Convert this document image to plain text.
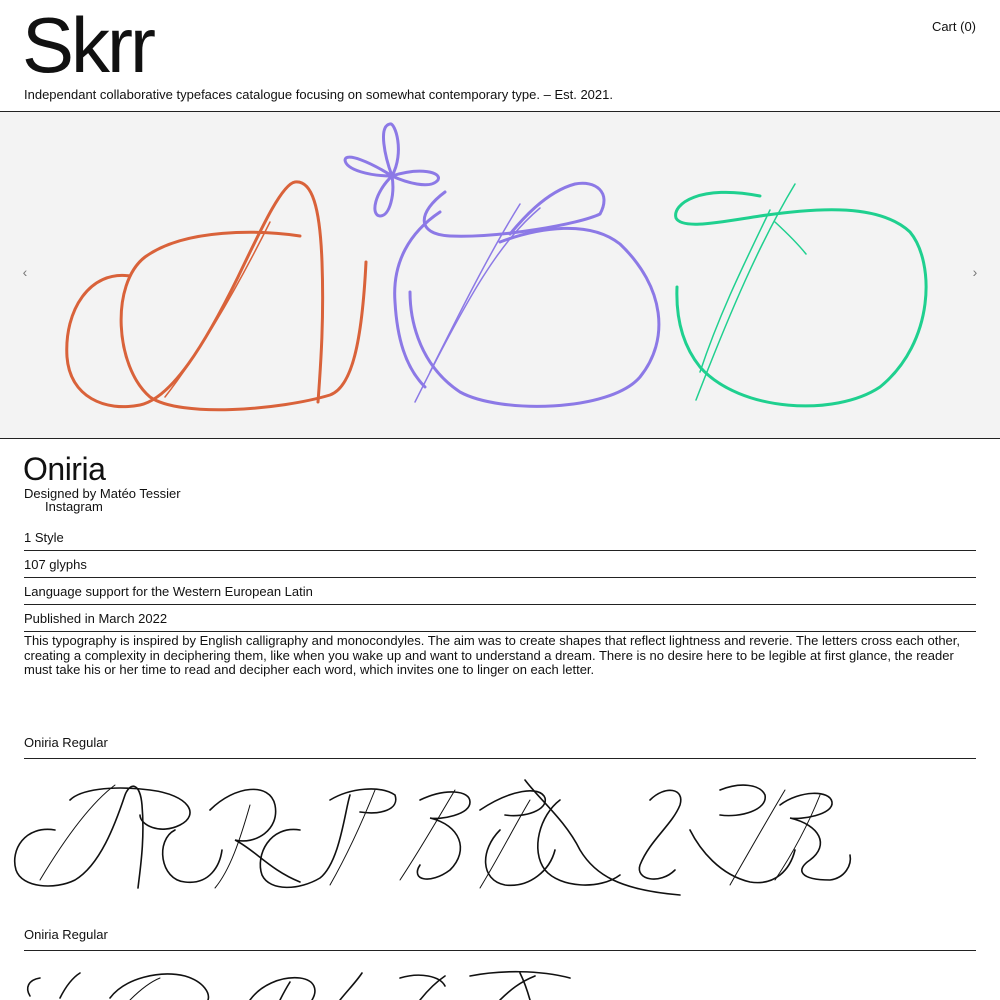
Skrr
Independant collaborative typefaces catalogue focusing on somewhat contemporary type. – Est. 2021.
Cart (0)
‹	›
Oniria
Designed by Matéo Tessier
Instagram
1 Style
107 glyphs
Language support for the Western European Latin
Published in March 2022
This typography is inspired by English calligraphy and monocondyles. The aim was to create shapes that reflect lightness and reverie. The letters cross each other, creating a complexity in deciphering them, like when you wake up and want to understand a dream. There is no desire here to be legible at first glance, the reader must take his or her time to read and decipher each word, which invites one to linger on each letter.
Oniria Regular
Oniria Regular
